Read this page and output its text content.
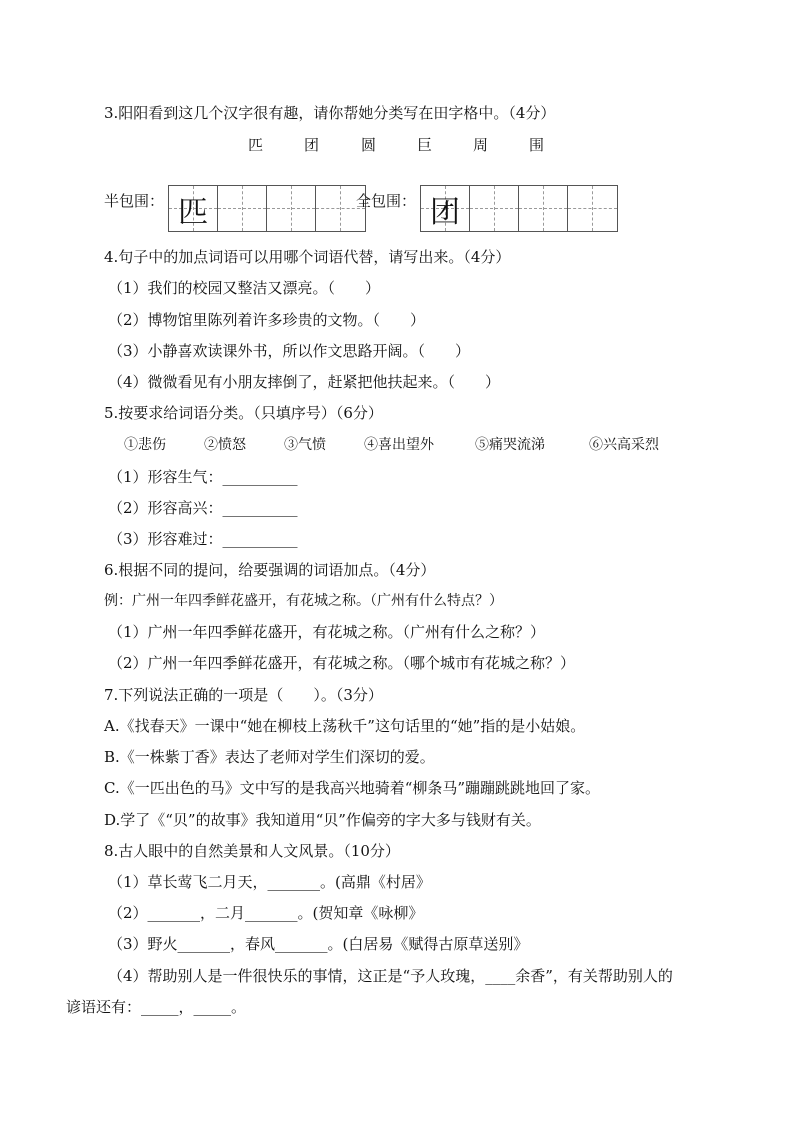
3.阳阳看到这几个汉字很有趣，请你帮她分类写在田字格中。（4分）
匹	团	圆	巨	周	围
半包围： 匹	全包围： 团
4.句子中的加点词语可以用哪个词语代替，请写出来。（4分）
（1）我们的校园又整洁又漂亮。（　　）
（2）博物馆里陈列着许多珍贵的文物。（　　）
（3）小静喜欢读课外书，所以作文思路开阔。（　　）
（4）微微看见有小朋友摔倒了，赶紧把他扶起来。（　　）
5.按要求给词语分类。（只填序号）（6分）
①悲伤	②愤怒	③气愤	④喜出望外	⑤痛哭流涕	⑥兴高采烈
（1）形容生气：__________
（2）形容高兴：__________
（3）形容难过：__________
6.根据不同的提问，给要强调的词语加点。（4分）
例：广州一年四季鲜花盛开，有花城之称。（广州有什么特点？）
（1）广州一年四季鲜花盛开，有花城之称。（广州有什么之称？）
（2）广州一年四季鲜花盛开，有花城之称。（哪个城市有花城之称？）
7.下列说法正确的一项是（　　）。（3分）
A.《找春天》一课中“她在柳枝上荡秋千”这句话里的“她”指的是小姑娘。
B.《一株紫丁香》表达了老师对学生们深切的爱。
C.《一匹出色的马》文中写的是我高兴地骑着“柳条马”蹦蹦跳跳地回了家。
D.学了《“贝”的故事》我知道用“贝”作偏旁的字大多与钱财有关。
8.古人眼中的自然美景和人文风景。（10分）
（1）草长莺飞二月天，_______。(高鼎《村居》
（2）_______，二月_______。(贺知章《咏柳》
（3）野火_______，春风_______。(白居易《赋得古原草送别》
（4）帮助别人是一件很快乐的事情，这正是“予人玫瑰，____余香”，有关帮助别人的
谚语还有：_____，_____。
